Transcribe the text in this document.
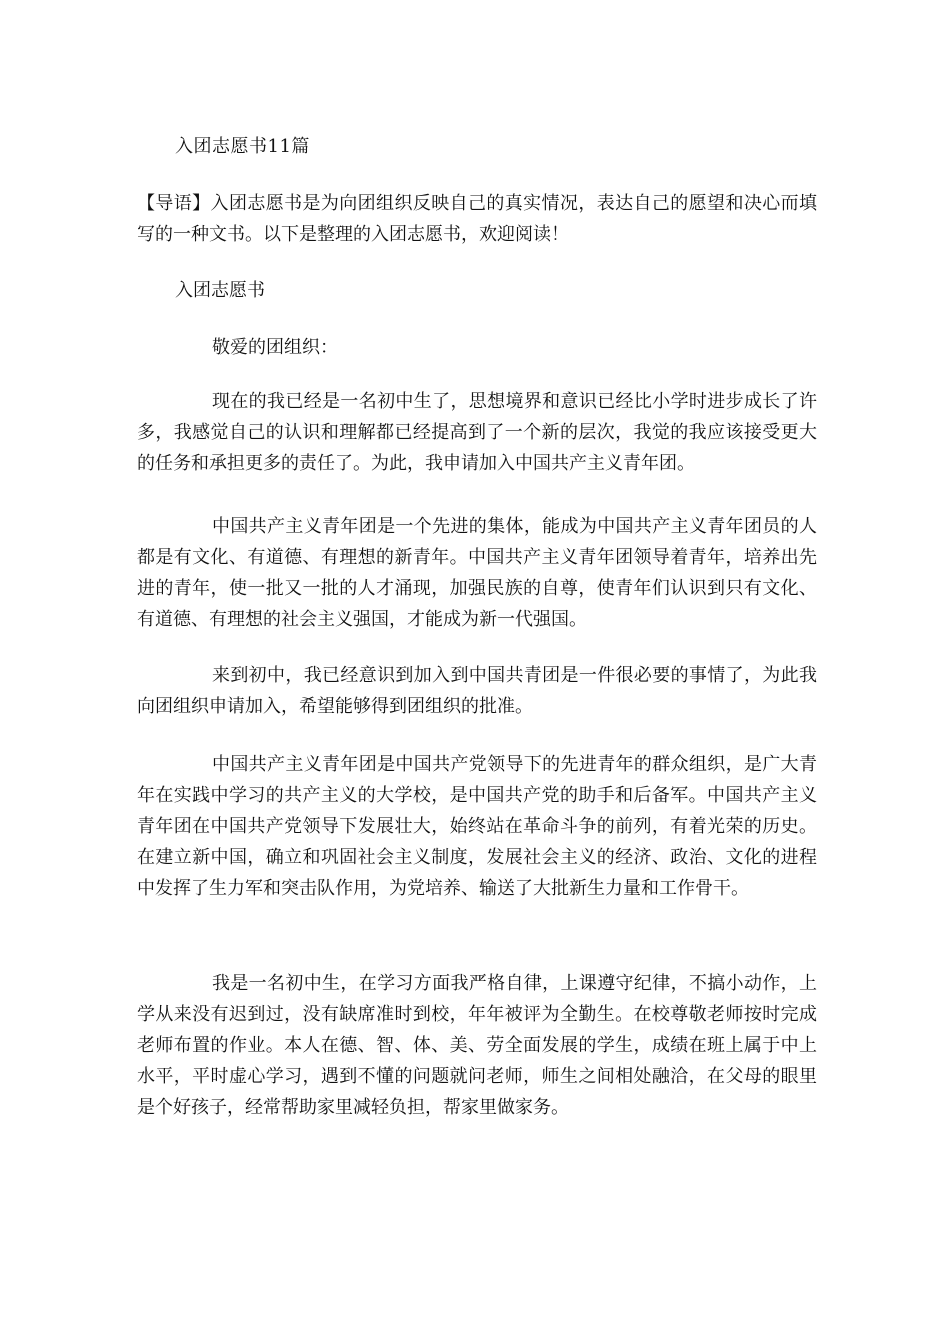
入团志愿书11篇

【导语】入团志愿书是为向团组织反映自己的真实情况，表达自己的愿望和决心而填写的一种文书。以下是整理的入团志愿书，欢迎阅读！

入团志愿书
敬爱的团组织：

现在的我已经是一名初中生了，思想境界和意识已经比小学时进步成长了许多，我感觉自己的认识和理解都已经提高到了一个新的层次，我觉的我应该接受更大的任务和承担更多的责任了。为此，我申请加入中国共产主义青年团。

中国共产主义青年团是一个先进的集体，能成为中国共产主义青年团员的人都是有文化、有道德、有理想的新青年。中国共产主义青年团领导着青年，培养出先进的青年，使一批又一批的人才涌现，加强民族的自尊，使青年们认识到只有文化、有道德、有理想的社会主义强国，才能成为新一代强国。

来到初中，我已经意识到加入到中国共青团是一件很必要的事情了，为此我向团组织申请加入，希望能够得到团组织的批准。

中国共产主义青年团是中国共产党领导下的先进青年的群众组织，是广大青年在实践中学习的共产主义的大学校，是中国共产党的助手和后备军。中国共产主义青年团在中国共产党领导下发展壮大，始终站在革命斗争的前列，有着光荣的历史。在建立新中国，确立和巩固社会主义制度，发展社会主义的经济、政治、文化的进程中发挥了生力军和突击队作用，为党培养、输送了大批新生力量和工作骨干。

我是一名初中生，在学习方面我严格自律，上课遵守纪律，不搞小动作，上学从来没有迟到过，没有缺席准时到校，年年被评为全勤生。在校尊敬老师按时完成老师布置的作业。本人在德、智、体、美、劳全面发展的学生，成绩在班上属于中上水平，平时虚心学习，遇到不懂的问题就问老师，师生之间相处融洽，在父母的眼里是个好孩子，经常帮助家里减轻负担，帮家里做家务。
